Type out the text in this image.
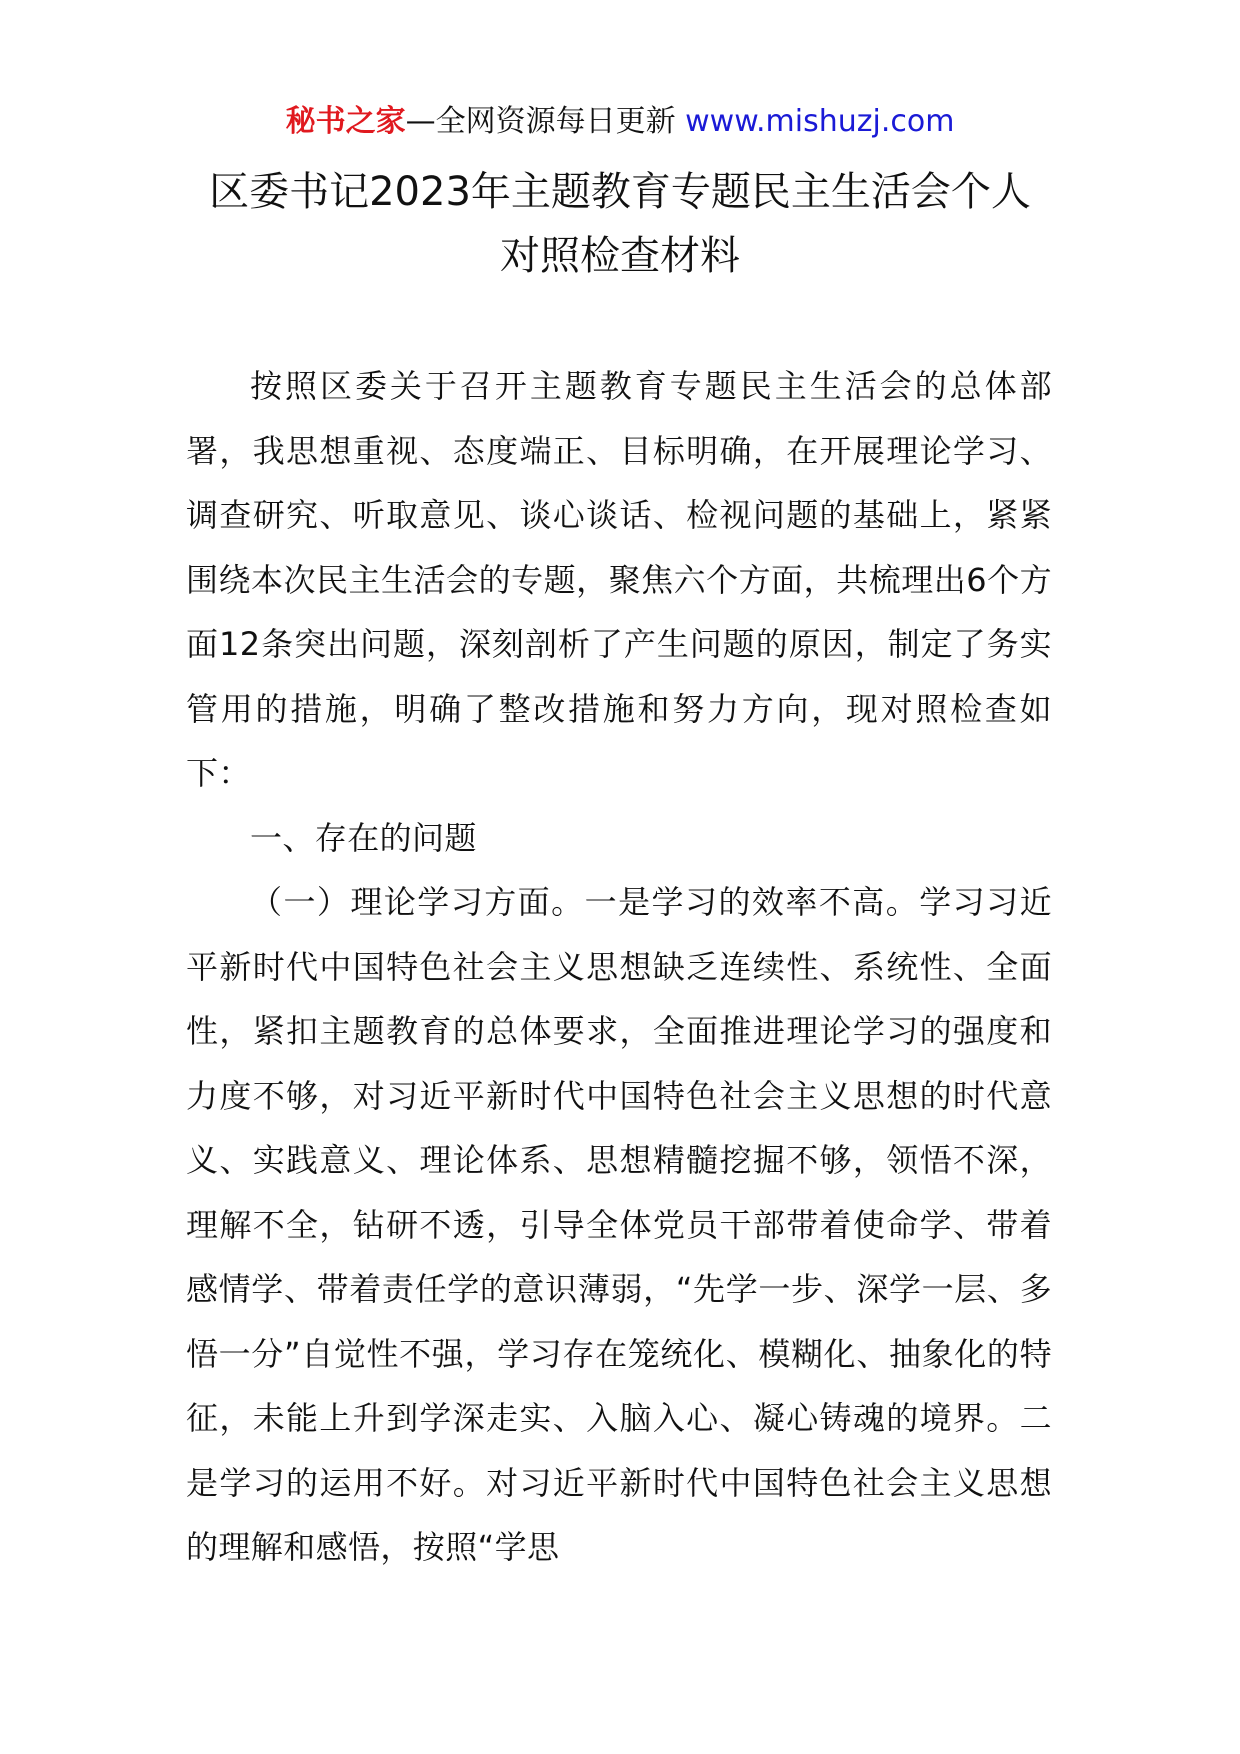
秘书之家—全网资源每日更新 www.mishuzj.com
区委书记2023年主题教育专题民主生活会个人
对照检查材料

按照区委关于召开主题教育专题民主生活会的总体部署，我思想重视、态度端正、目标明确，在开展理论学习、调查研究、听取意见、谈心谈话、检视问题的基础上，紧紧围绕本次民主生活会的专题，聚焦六个方面，共梳理出6个方面12条突出问题，深刻剖析了产生问题的原因，制定了务实管用的措施，明确了整改措施和努力方向，现对照检查如下：

一、存在的问题

（一）理论学习方面。一是学习的效率不高。学习习近平新时代中国特色社会主义思想缺乏连续性、系统性、全面性，紧扣主题教育的总体要求，全面推进理论学习的强度和力度不够，对习近平新时代中国特色社会主义思想的时代意义、实践意义、理论体系、思想精髓挖掘不够，领悟不深，理解不全，钻研不透，引导全体党员干部带着使命学、带着感情学、带着责任学的意识薄弱，“先学一步、深学一层、多悟一分”自觉性不强，学习存在笼统化、模糊化、抽象化的特征，未能上升到学深走实、入脑入心、凝心铸魂的境界。二是学习的运用不好。对习近平新时代中国特色社会主义思想的理解和感悟，按照“学思
